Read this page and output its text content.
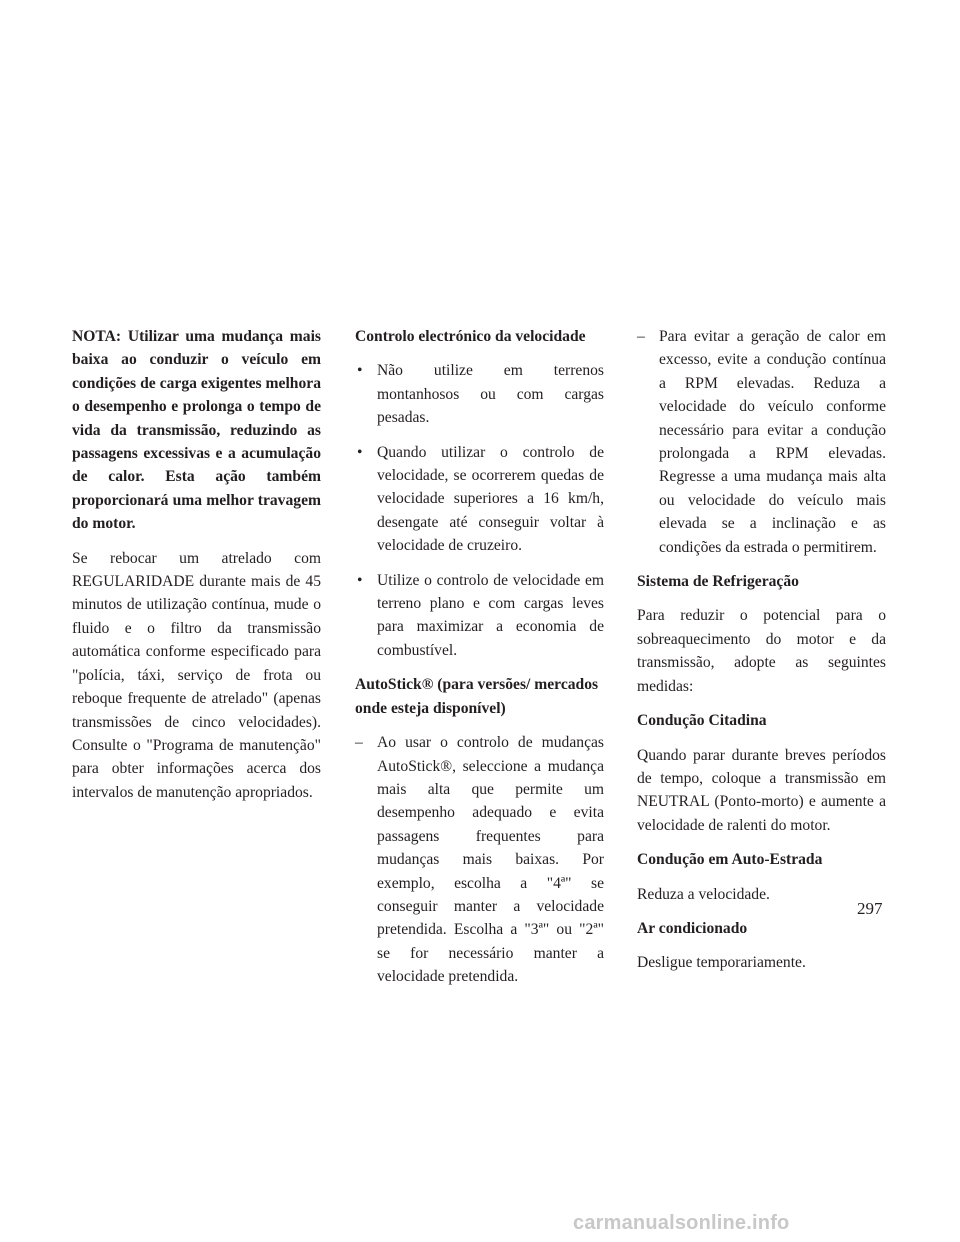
NOTA: Utilizar uma mudança mais baixa ao conduzir o veículo em condições de carga exigentes melhora o desempenho e prolonga o tempo de vida da transmissão, reduzindo as passagens excessivas e a acumulação de calor. Esta ação também proporcionará uma melhor travagem do motor.

Se rebocar um atrelado com REGULARIDADE durante mais de 45 minutos de utilização contínua, mude o fluido e o filtro da transmissão automática conforme especificado para "polícia, táxi, serviço de frota ou reboque frequente de atrelado" (apenas transmissões de cinco velocidades). Consulte o "Programa de manutenção" para obter informações acerca dos intervalos de manutenção apropriados.

Controlo electrónico da velocidade
• Não utilize em terrenos montanhosos ou com cargas pesadas.
• Quando utilizar o controlo de velocidade, se ocorrerem quedas de velocidade superiores a 16 km/h, desengate até conseguir voltar à velocidade de cruzeiro.
• Utilize o controlo de velocidade em terreno plano e com cargas leves para maximizar a economia de combustível.
AutoStick® (para versões/ mercados onde esteja disponível)
– Ao usar o controlo de mudanças AutoStick®, seleccione a mudança mais alta que permite um desempenho adequado e evita passagens frequentes para mudanças mais baixas. Por exemplo, escolha a "4ª" se conseguir manter a velocidade pretendida. Escolha a "3ª" ou "2ª" se for necessário manter a velocidade pretendida.
– Para evitar a geração de calor em excesso, evite a condução contínua a RPM elevadas. Reduza a velocidade do veículo conforme necessário para evitar a condução prolongada a RPM elevadas. Regresse a uma mudança mais alta ou velocidade do veículo mais elevada se a inclinação e as condições da estrada o permitirem.
Sistema de Refrigeração

Para reduzir o potencial para o sobreaquecimento do motor e da transmissão, adopte as seguintes medidas:

Condução Citadina

Quando parar durante breves períodos de tempo, coloque a transmissão em NEUTRAL (Ponto-morto) e aumente a velocidade de ralenti do motor.

Condução em Auto-Estrada

Reduza a velocidade.

Ar condicionado

Desligue temporariamente.

297
carmanualsonline.info
